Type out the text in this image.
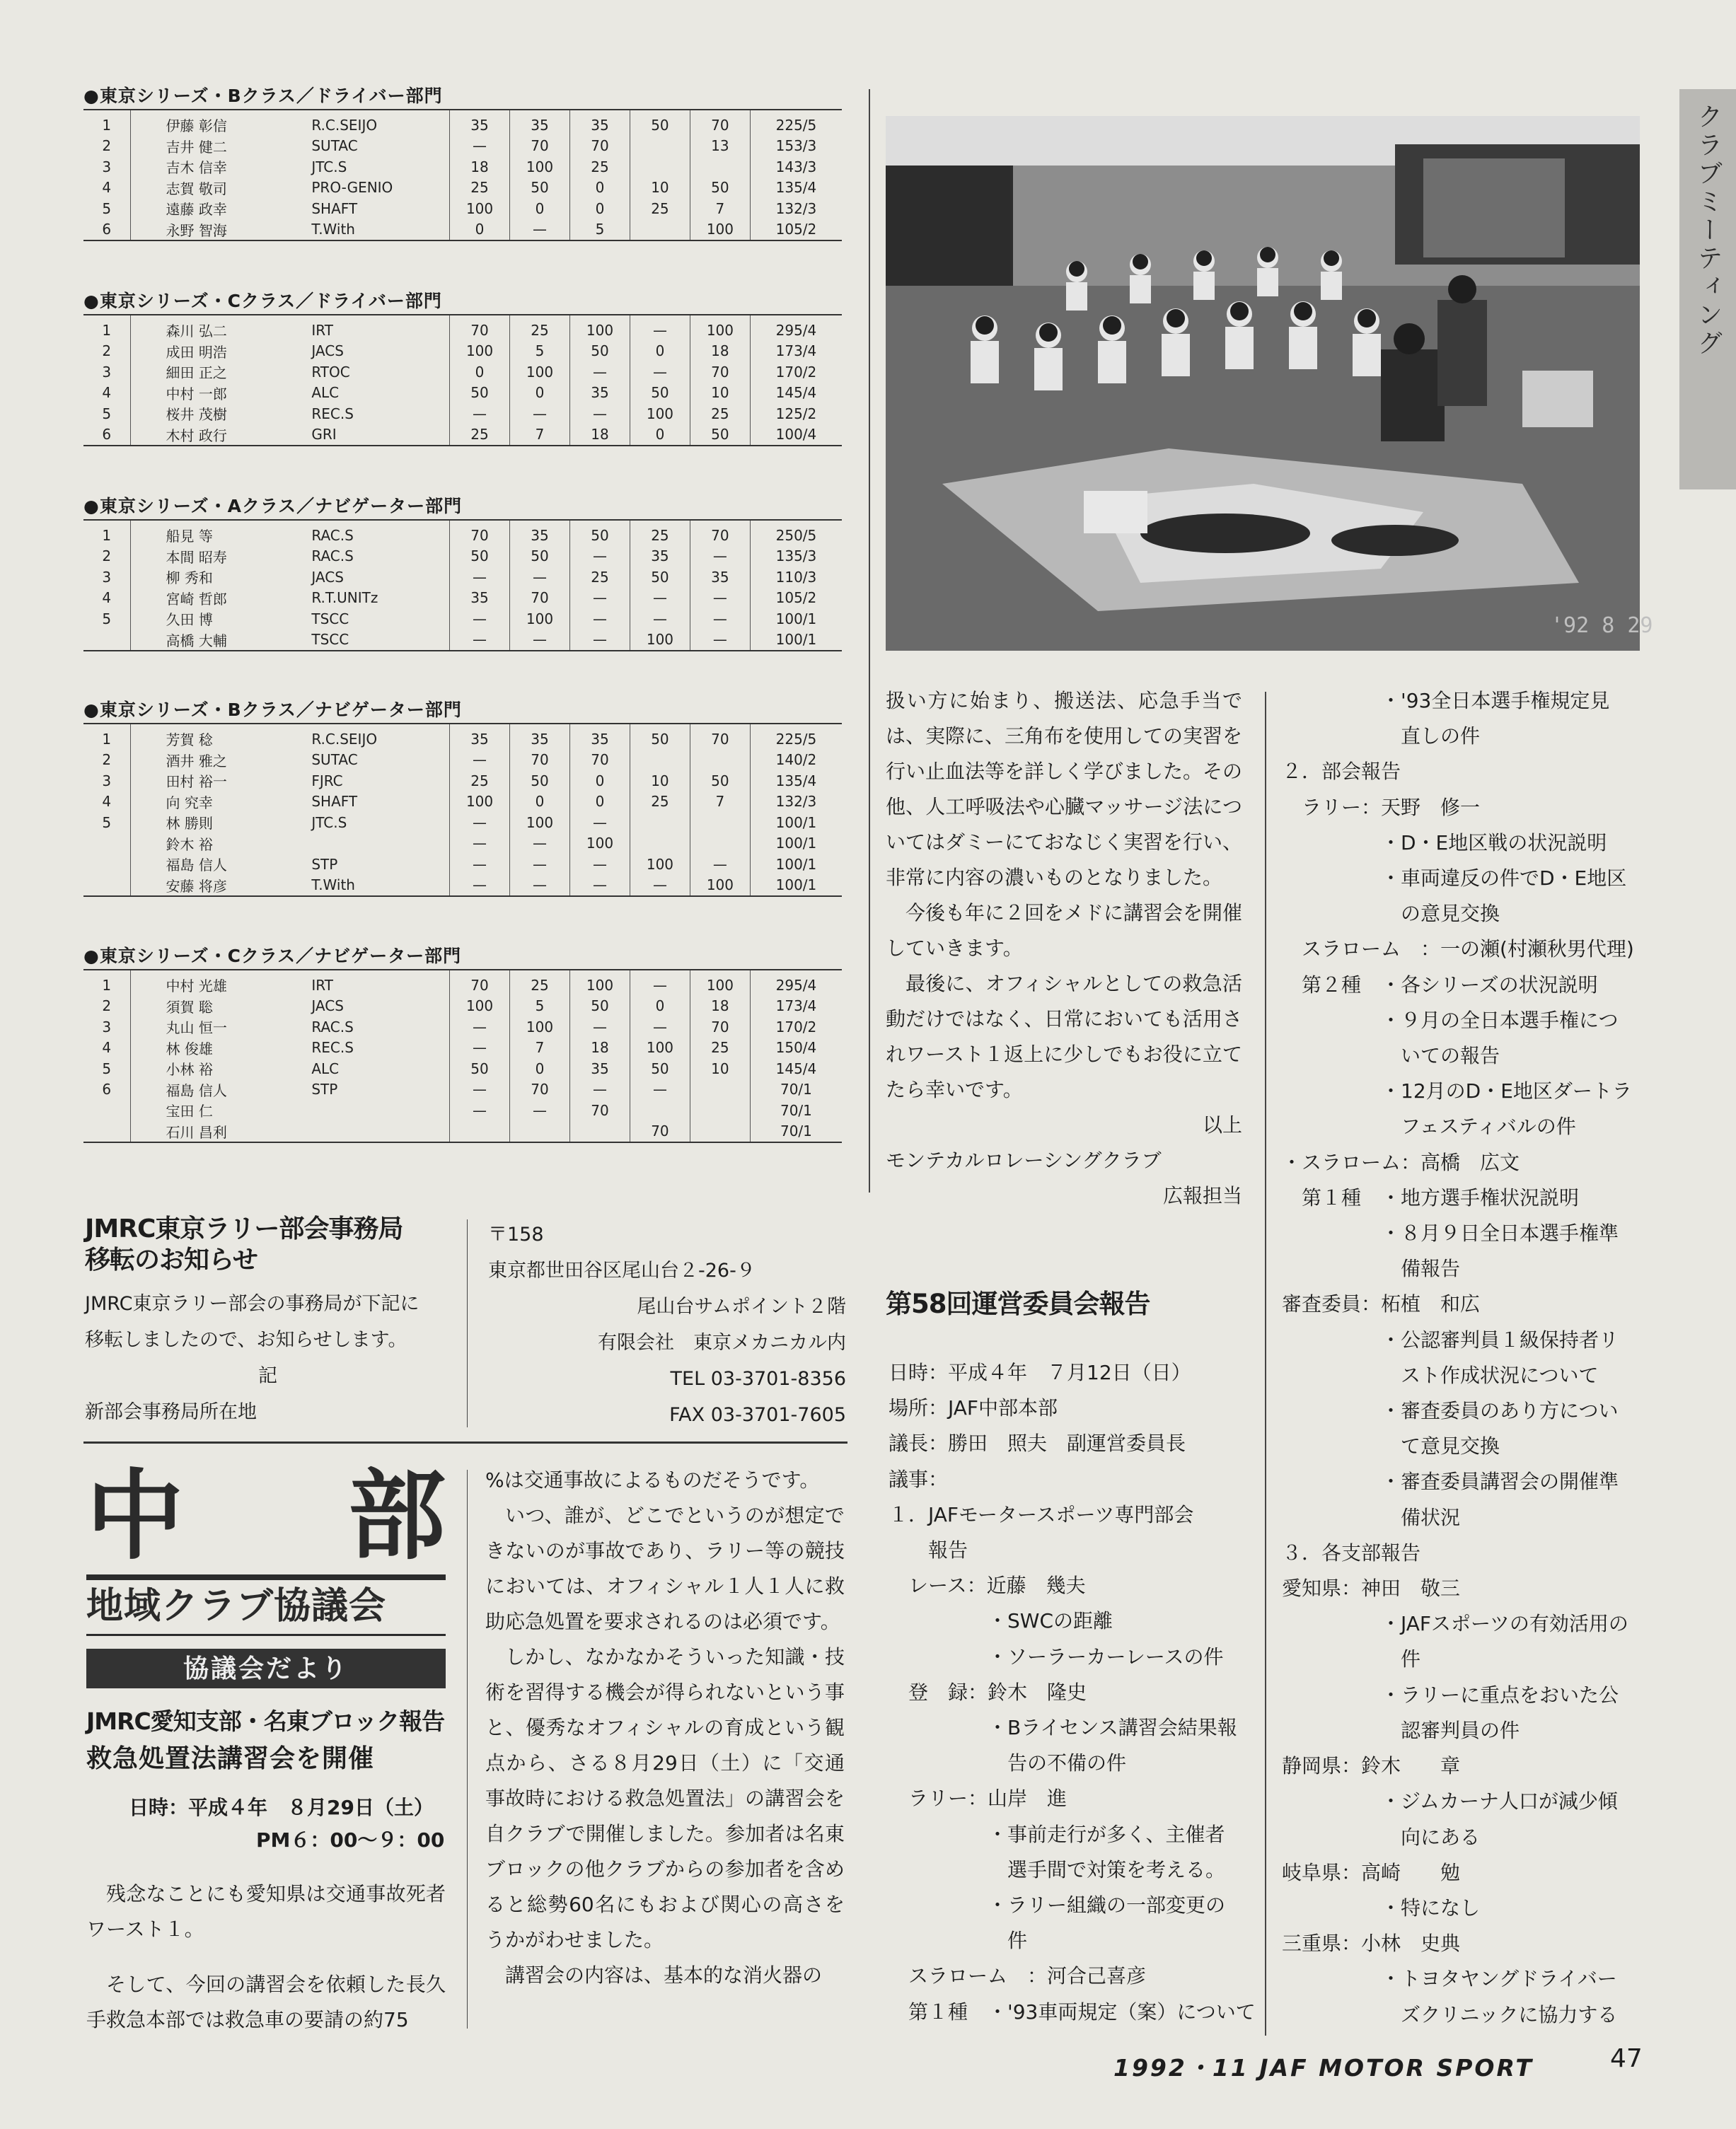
クラブミーティング
●東京シリーズ・Bクラス／ドライバー部門
1	伊藤 彰信	R.C.SEIJO	35	35	35	50	70	225/5
2	吉井 健二	SUTAC	—	70	70		13	153/3
3	吉木 信幸	JTC.S	18	100	25			143/3
4	志賀 敬司	PRO-GENIO	25	50	0	10	50	135/4
5	遠藤 政幸	SHAFT	100	0	0	25	7	132/3
6	永野 智海	T.With	0	—	5		100	105/2
●東京シリーズ・Cクラス／ドライバー部門
1	森川 弘二	IRT	70	25	100	—	100	295/4
2	成田 明浩	JACS	100	5	50	0	18	173/4
3	細田 正之	RTOC	0	100	—	—	70	170/2
4	中村 一郎	ALC	50	0	35	50	10	145/4
5	桜井 茂樹	REC.S	—	—	—	100	25	125/2
6	木村 政行	GRI	25	7	18	0	50	100/4
●東京シリーズ・Aクラス／ナビゲーター部門
1	船見 等	RAC.S	70	35	50	25	70	250/5
2	本間 昭寿	RAC.S	50	50	—	35	—	135/3
3	柳 秀和	JACS	—	—	25	50	35	110/3
4	宮崎 哲郎	R.T.UNITz	35	70	—	—	—	105/2
5	久田 博	TSCC	—	100	—	—	—	100/1
	高橋 大輔	TSCC	—	—	—	100	—	100/1
●東京シリーズ・Bクラス／ナビゲーター部門
1	芳賀 稔	R.C.SEIJO	35	35	35	50	70	225/5
2	酒井 雅之	SUTAC	—	70	70			140/2
3	田村 裕一	FJRC	25	50	0	10	50	135/4
4	向 究幸	SHAFT	100	0	0	25	7	132/3
5	林 勝則	JTC.S	—	100	—			100/1
	鈴木 裕		—	—	100			100/1
	福島 信人	STP	—	—	—	100	—	100/1
	安藤 将彦	T.With	—	—	—	—	100	100/1
●東京シリーズ・Cクラス／ナビゲーター部門
1	中村 光雄	IRT	70	25	100	—	100	295/4
2	須賀 聡	JACS	100	5	50	0	18	173/4
3	丸山 恒一	RAC.S	—	100	—	—	70	170/2
4	林 俊雄	REC.S	—	7	18	100	25	150/4
5	小林 裕	ALC	50	0	35	50	10	145/4
6	福島 信人	STP	—	70	—	—		70/1
	宝田 仁		—	—	70			70/1
	石川 昌利					70		70/1
JMRC東京ラリー部会事務局
移転のお知らせ
JMRC東京ラリー部会の事務局が下記に
移転しましたので、お知らせします。
記
新部会事務局所在地
〒158
東京都世田谷区尾山台２-26-９
尾山台サムポイント２階
有限会社　東京メカニカル内
TEL 03-3701-8356
FAX 03-3701-7605
中 部
地域クラブ協議会
協議会だより
JMRC愛知支部・名東ブロック報告
救急処置法講習会を開催
日時：平成４年　８月29日（土）
PM６：00〜９：00

残念なことにも愛知県は交通事故死者ワースト１。

そして、今回の講習会を依頼した長久手救急本部では救急車の要請の約75

%は交通事故によるものだそうです。

いつ、誰が、どこでというのが想定できないのが事故であり、ラリー等の競技においては、オフィシャル１人１人に救助応急処置を要求されるのは必須です。

しかし、なかなかそういった知識・技術を習得する機会が得られないという事と、優秀なオフィシャルの育成という観点から、さる８月29日（土）に「交通事故時における救急処置法」の講習会を自クラブで開催しました。参加者は名東ブロックの他クラブからの参加者を含めると総勢60名にもおよび関心の高さをうかがわせました。

講習会の内容は、基本的な消火器の

'92 8 29

扱い方に始まり、搬送法、応急手当では、実際に、三角布を使用しての実習を行い止血法等を詳しく学びました。その他、人工呼吸法や心臓マッサージ法についてはダミーにておなじく実習を行い、非常に内容の濃いものとなりました。

今後も年に２回をメドに講習会を開催していきます。

最後に、オフィシャルとしての救急活動だけではなく、日常においても活用されワースト１返上に少しでもお役に立てたら幸いです。

以上
モンテカルロレーシングクラブ
広報担当
第58回運営委員会報告
日時：平成４年　７月12日（日）
場所：JAF中部本部
議長：勝田　照夫　副運営委員長
議事：
１．JAFモータースポーツ専門部会
　　報告
　レース：近藤　幾夫
　　　　　・SWCの距離
　　　　　・ソーラーカーレースの件
　登　録：鈴木　隆史
　　　　　・Bライセンス講習会結果報
　　　　　　告の不備の件
　ラリー：山岸　進
　　　　　・事前走行が多く、主催者
　　　　　　選手間で対策を考える。
　　　　　・ラリー組織の一部変更の
　　　　　　件
　スラローム　：河合己喜彦
　第１種　・'93車両規定（案）について
　　　　　・'93全日本選手権規定見
　　　　　　直しの件
２．部会報告
　ラリー：天野　修一
　　　　　・D・E地区戦の状況説明
　　　　　・車両違反の件でD・E地区
　　　　　　の意見交換
　スラローム　：一の瀬(村瀬秋男代理)
　第２種　・各シリーズの状況説明
　　　　　・９月の全日本選手権につ
　　　　　　いての報告
　　　　　・12月のD・E地区ダートラ
　　　　　　フェスティバルの件
・スラローム：高橋　広文
　第１種　・地方選手権状況説明
　　　　　・８月９日全日本選手権準
　　　　　　備報告
審査委員：柘植　和広
　　　　　・公認審判員１級保持者リ
　　　　　　スト作成状況について
　　　　　・審査委員のあり方につい
　　　　　　て意見交換
　　　　　・審査委員講習会の開催準
　　　　　　備状況
３．各支部報告
愛知県：神田　敬三
　　　　　・JAFスポーツの有効活用の
　　　　　　件
　　　　　・ラリーに重点をおいた公
　　　　　　認審判員の件
静岡県：鈴木　　章
　　　　　・ジムカーナ人口が減少傾
　　　　　　向にある
岐阜県：高崎　　勉
　　　　　・特になし
三重県：小林　史典
　　　　　・トヨタヤングドライバー
　　　　　　ズクリニックに協力する
1992・11 JAF MOTOR SPORT	47
